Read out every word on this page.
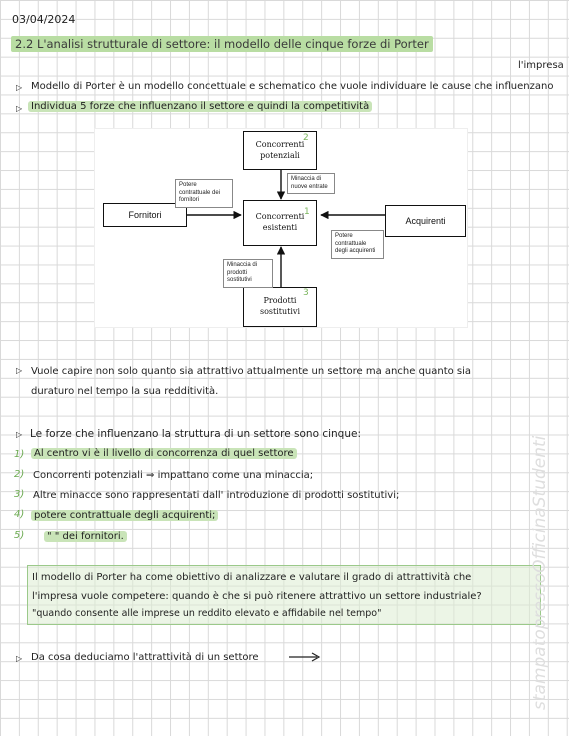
03/04/2024
2.2 L'analisi strutturale di settore: il modello delle cinque forze di Porter
l'impresa
▷ Modello di Porter è un modello concettuale e schematico che vuole individuare le cause che influenzano
▷ Individua 5 forze che influenzano il settore e quindi la competitività
Concorrenti potenziali
2
Concorrenti esistenti
1
Prodotti sostitutivi
3
Fornitori
Acquirenti
Potere contrattuale dei fornitori
Minaccia di nuove entrate
Potere contrattuale degli acquirenti
Minaccia di prodotti sostitutivi
▷ Vuole capire non solo quanto sia attrattivo attualmente un settore ma anche quanto sia
duraturo nel tempo la sua redditività.
▷ Le forze che influenzano la struttura di un settore sono cinque:
1) Al centro vi è il livello di concorrenza di quel settore
2) Concorrenti potenziali ⇒ impattano come una minaccia;
3) Altre minacce sono rappresentati dall' introduzione di prodotti sostitutivi;
4) potere contrattuale degli acquirenti;
5)	" " dei fornitori.
Il modello di Porter ha come obiettivo di analizzare e valutare il grado di attrattività che
l'impresa vuole competere: quando è che si può ritenere attrattivo un settore industriale?
"quando consente alle imprese un reddito elevato e affidabile nel tempo"
▷ Da cosa deduciamo l'attrattività di un settore	stampatopressoOfficinaStudenti
